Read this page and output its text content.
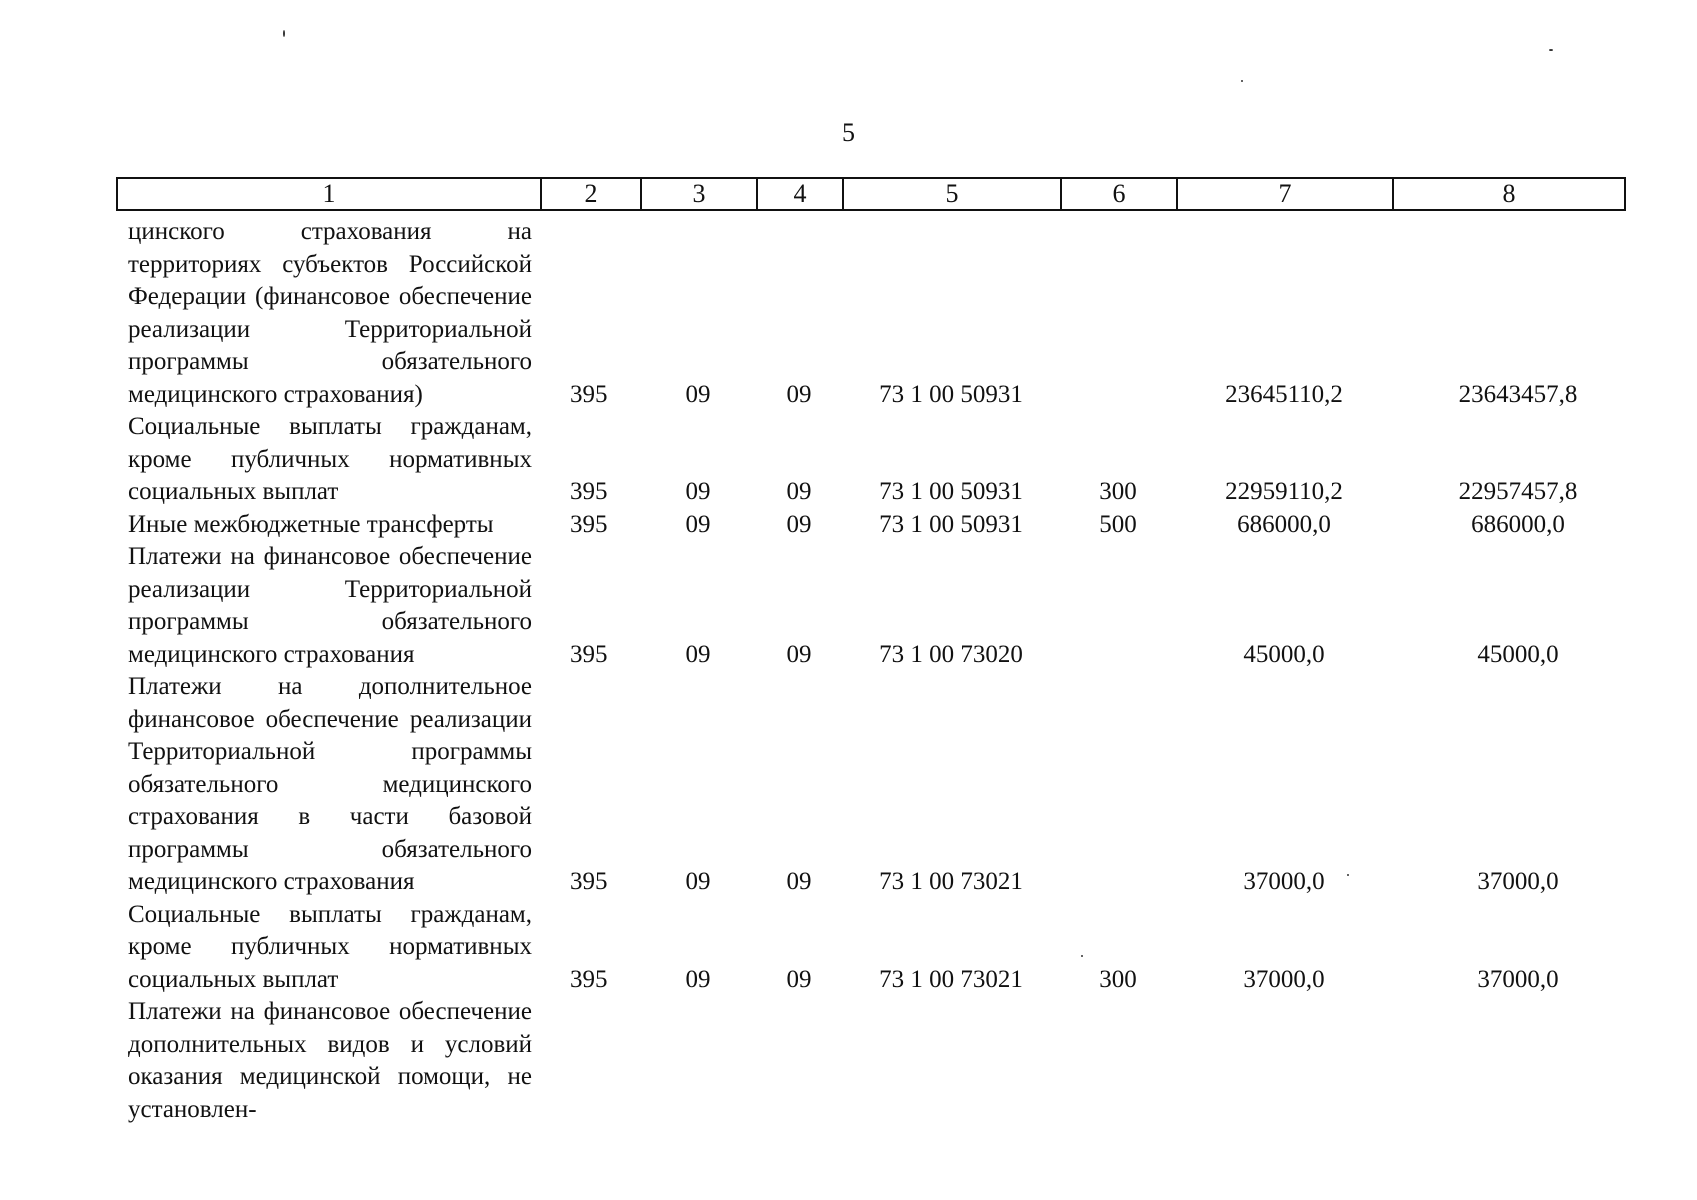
5
1	2	3	4	5	6	7	8
цинского страхования на территориях субъектов Российской Федерации (финансовое обеспечение реализации Территориальной программы обязательного медицинского страхования)	395	09	09	73 1 00 50931		23645110,2	23643457,8
Социальные выплаты гражданам, кроме публичных нормативных социальных выплат	395	09	09	73 1 00 50931	300	22959110,2	22957457,8
Иные межбюджетные трансферты	395	09	09	73 1 00 50931	500	686000,0	686000,0
Платежи на финансовое обеспечение реализации Территориальной программы обязательного медицинского страхования	395	09	09	73 1 00 73020		45000,0	45000,0
Платежи на дополнительное финансовое обеспечение реализации Территориальной программы обязательного медицинского страхования в части базовой программы обязательного медицинского страхования	395	09	09	73 1 00 73021		37000,0	37000,0
Социальные выплаты гражданам, кроме публичных нормативных социальных выплат	395	09	09	73 1 00 73021	300	37000,0	37000,0
Платежи на финансовое обеспечение дополнительных видов и условий оказания медицинской помощи, не установлен-							
